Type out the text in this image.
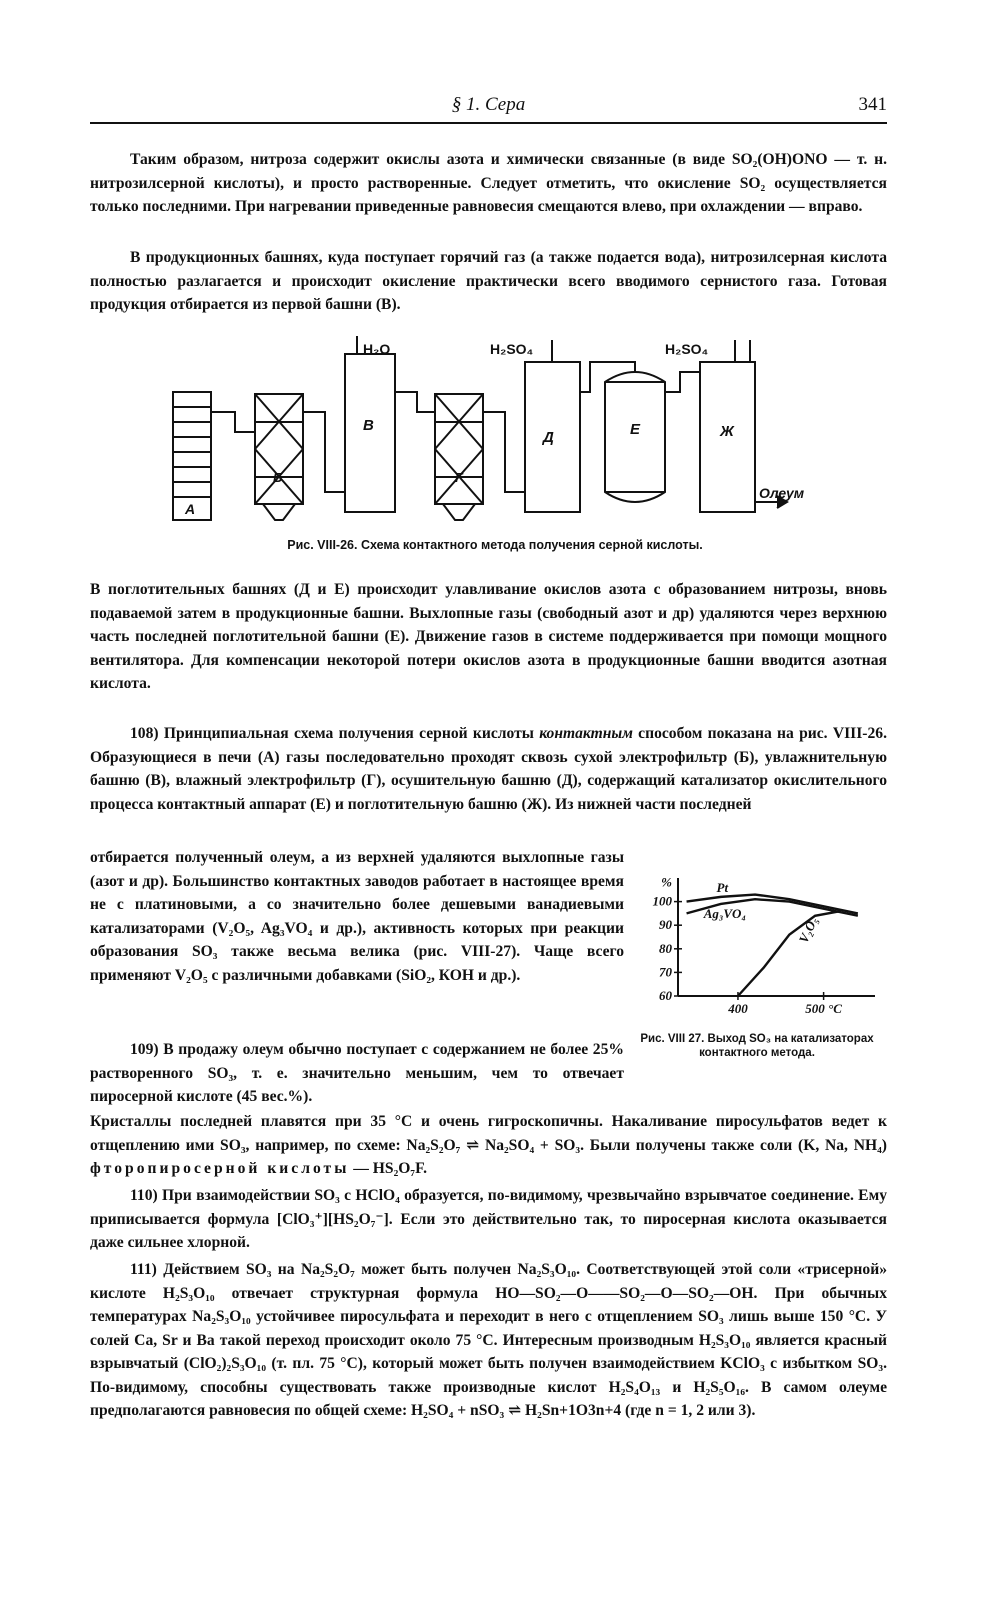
§ 1. Сера	341

Таким образом, нитроза содержит окислы азота и химически связанные (в виде SO₂(OH)ONO — т. н. нитрозилсерной кислоты), и просто растворенные. Следует отметить, что окисление SO₂ осуществляется только последними. При нагревании приведенные равновесия смещаются влево, при охлаждении — вправо.

В продукционных башнях, куда поступает горячий газ (а также подается вода), нитрозилсерная кислота полностью разлагается и происходит окисление практически всего вводимого сернистого газа. Готовая продукция отбирается из первой башни (В).

А
Б
H₂O
В
Г
H₂SO₄
Д	Е
H₂SO₄
Ж
Олеум
Рис. VIII-26. Схема контактного метода получения серной кислоты.

В поглотительных башнях (Д и Е) происходит улавливание окислов азота с образованием нитрозы, вновь подаваемой затем в продукционные башни. Выхлопные газы (свободный азот и др) удаляются через верхнюю часть последней поглотительной башни (Е). Движение газов в системе поддерживается при помощи мощного вентилятора. Для компенсации некоторой потери окислов азота в продукционные башни вводится азотная кислота.

108) Принципиальная схема получения серной кислоты контактным способом показана на рис. VIII-26. Образующиеся в печи (А) газы последовательно проходят сквозь сухой электрофильтр (Б), увлажнительную башню (В), влажный электрофильтр (Г), осушительную башню (Д), содержащий катализатор окислительного процесса контактный аппарат (Е) и поглотительную башню (Ж). Из нижней части последней

отбирается полученный олеум, а из верхней удаляются выхлопные газы (азот и др). Большинство контактных заводов работает в настоящее время не с платиновыми, а со значительно более дешевыми ванадиевыми катализаторами (V₂O₅, Ag₃VO₄ и др.), активность которых при реакции образования SO₃ также весьма велика (рис. VIII-27). Чаще всего применяют V₂O₅ с различными добавками (SiO₂, КОН и др.).

109) В продажу олеум обычно поступает с содержанием не более 25% растворенного SO₃, т. е. значительно меньшим, чем то отвечает пиросерной кислоте (45 вес.%).

Кристаллы последней плавятся при 35 °С и очень гигроскопичны. Накаливание пиросульфатов ведет к отщеплению ими SO₃, например, по схеме: Na₂S₂O₇ ⇌ Na₂SO₄ + SO₃. Были получены также соли (K, Na, NH₄) фторопиросерной кислоты — HS₂O₇F.

60
70
80
90
100
%
400	500 °C
Pt
Ag₃VO₄
V₂O₅
Рис. VIII 27. Выход SO₃ на катализаторах контактного метода.

110) При взаимодействии SO₃ с HClO₄ образуется, по-видимому, чрезвычайно взрывчатое соединение. Ему приписывается формула [ClO₃⁺][HS₂O₇⁻]. Если это действительно так, то пиросерная кислота оказывается даже сильнее хлорной.

111) Действием SO₃ на Na₂S₂O₇ может быть получен Na₂S₃O₁₀. Соответствующей этой соли «трисерной» кислоте H₂S₃O₁₀ отвечает структурная формула HO—SO₂—O——SO₂—O—SO₂—OH. При обычных температурах Na₂S₃O₁₀ устойчивее пиросульфата и переходит в него с отщеплением SO₃ лишь выше 150 °С. У солей Ca, Sr и Ba такой переход происходит около 75 °С. Интересным производным H₂S₃O₁₀ является красный взрывчатый (ClO₂)₂S₃O₁₀ (т. пл. 75 °С), который может быть получен взаимодействием KClO₃ с избытком SO₃. По-видимому, способны существовать также производные кислот H₂S₄O₁₃ и H₂S₅O₁₆. В самом олеуме предполагаются равновесия по общей схеме: H₂SO₄ + nSO₃ ⇌ H₂Sn+1O3n+4 (где n = 1, 2 или 3).
